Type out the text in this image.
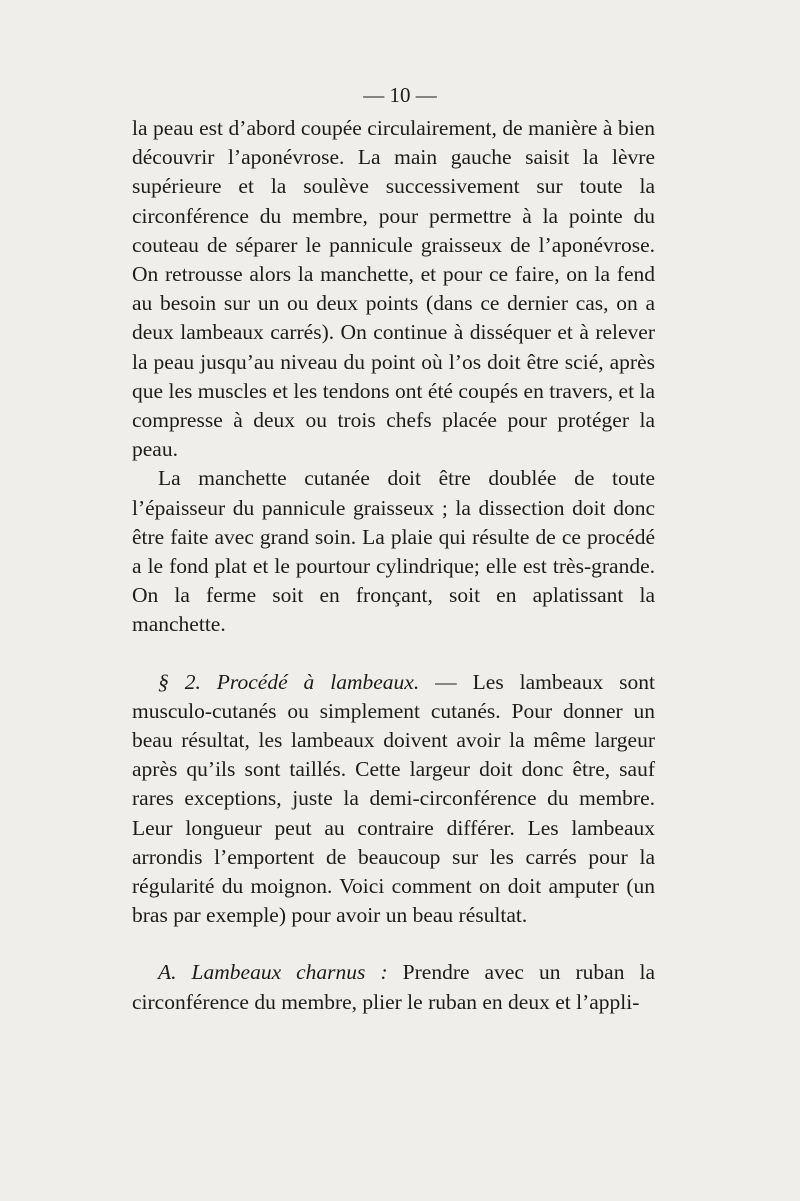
— 10 —

la peau est d’abord coupée circulairement, de manière à bien découvrir l’aponévrose. La main gauche saisit la lèvre supérieure et la soulève successivement sur toute la circonférence du membre, pour permettre à la pointe du couteau de séparer le pannicule graisseux de l’aponévrose. On retrousse alors la manchette, et pour ce faire, on la fend au besoin sur un ou deux points (dans ce dernier cas, on a deux lambeaux carrés). On continue à disséquer et à relever la peau jusqu’au niveau du point où l’os doit être scié, après que les muscles et les tendons ont été coupés en travers, et la compresse à deux ou trois chefs placée pour protéger la peau.

La manchette cutanée doit être doublée de toute l’épaisseur du pannicule graisseux ; la dissection doit donc être faite avec grand soin. La plaie qui résulte de ce procédé a le fond plat et le pourtour cylindrique; elle est très-grande. On la ferme soit en fronçant, soit en aplatissant la manchette.

§ 2. Procédé à lambeaux. — Les lambeaux sont musculo-cutanés ou simplement cutanés. Pour donner un beau résultat, les lambeaux doivent avoir la même largeur après qu’ils sont taillés. Cette largeur doit donc être, sauf rares exceptions, juste la demi-circonférence du membre. Leur longueur peut au contraire différer. Les lambeaux arrondis l’emportent de beaucoup sur les carrés pour la régularité du moignon. Voici comment on doit amputer (un bras par exemple) pour avoir un beau résultat.

A. Lambeaux charnus : Prendre avec un ruban la circonférence du membre, plier le ruban en deux et l’appli-
